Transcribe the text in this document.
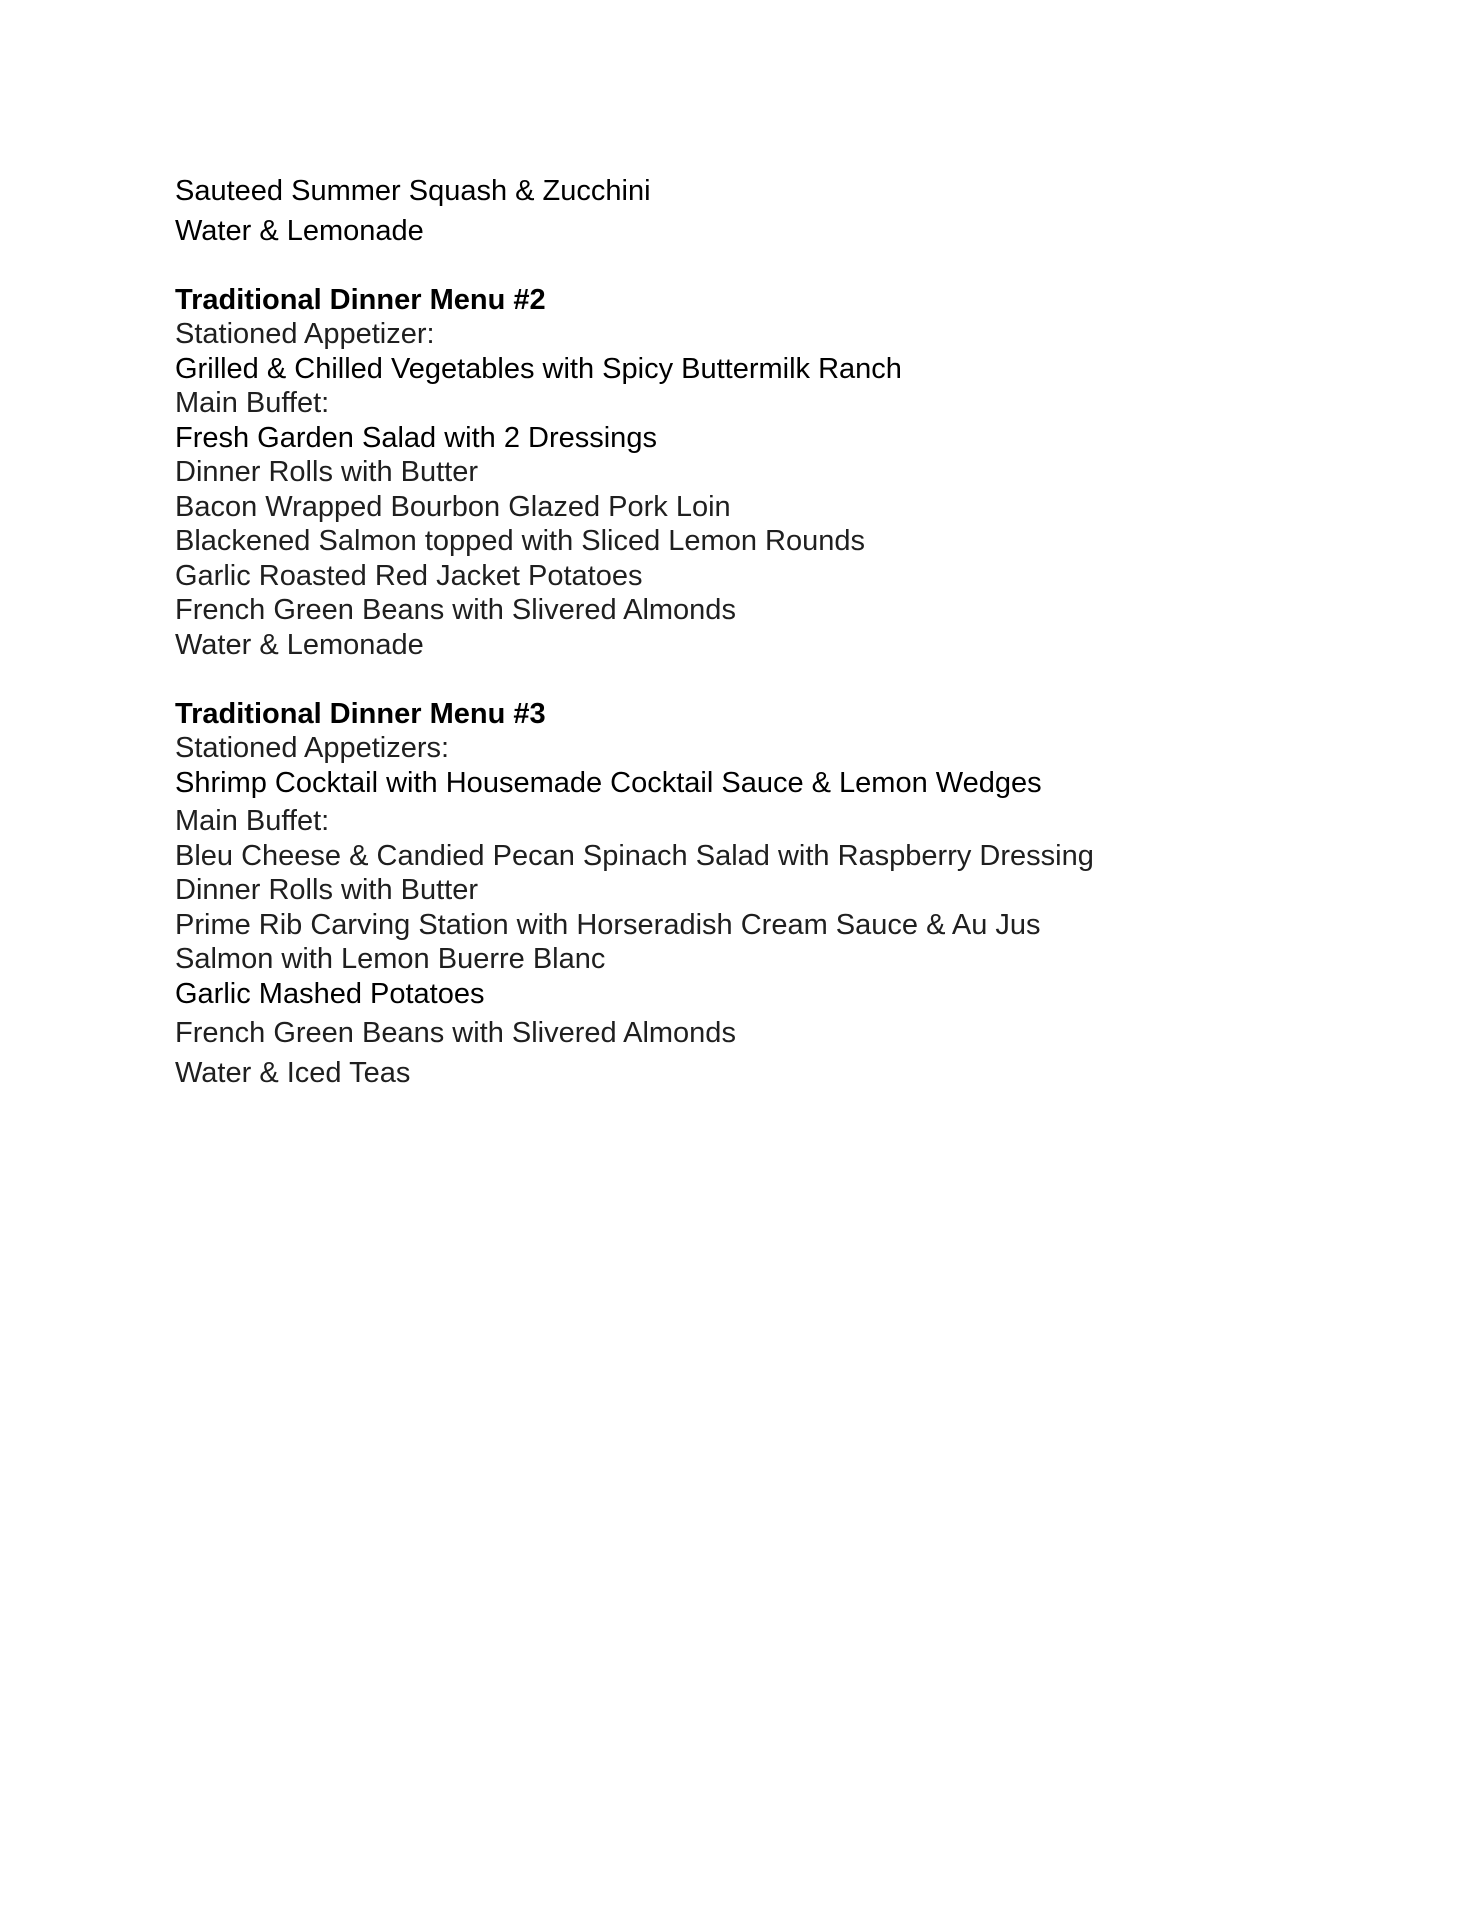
Sauteed Summer Squash & Zucchini
Water & Lemonade
Traditional Dinner Menu #2
Stationed Appetizer:
Grilled & Chilled Vegetables with Spicy Buttermilk Ranch
Main Buffet:
Fresh Garden Salad with 2 Dressings
Dinner Rolls with Butter
Bacon Wrapped Bourbon Glazed Pork Loin
Blackened Salmon topped with Sliced Lemon Rounds
Garlic Roasted Red Jacket Potatoes
French Green Beans with Slivered Almonds
Water & Lemonade
Traditional Dinner Menu #3
Stationed Appetizers:
Shrimp Cocktail with Housemade Cocktail Sauce & Lemon Wedges
Main Buffet:
Bleu Cheese & Candied Pecan Spinach Salad with Raspberry Dressing
Dinner Rolls with Butter
Prime Rib Carving Station with Horseradish Cream Sauce & Au Jus
Salmon with Lemon Buerre Blanc
Garlic Mashed Potatoes
French Green Beans with Slivered Almonds
Water & Iced Teas
